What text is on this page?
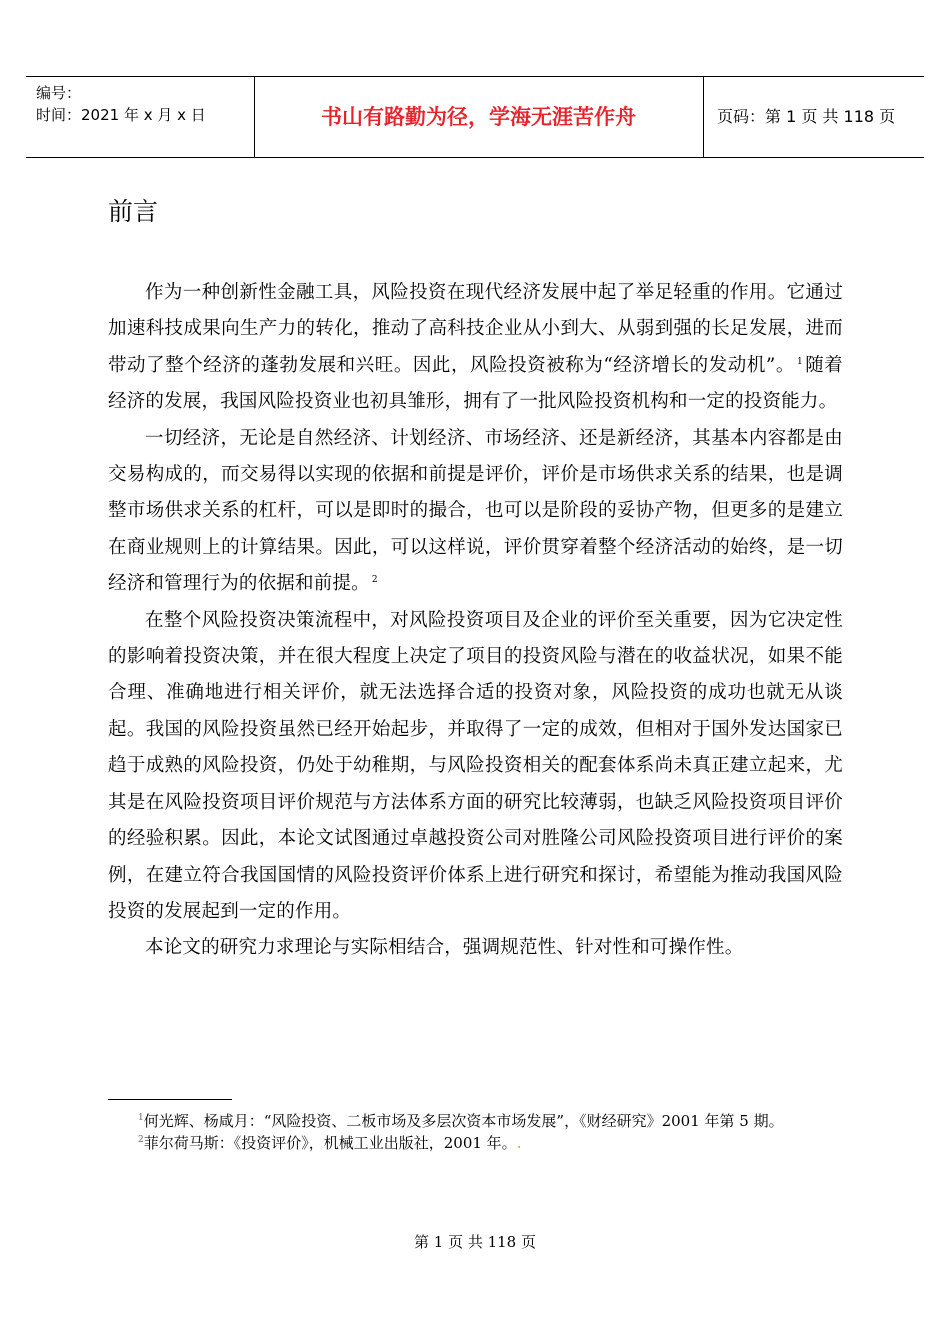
编号：
时间：2021 年 x 月 x 日	书山有路勤为径，学海无涯苦作舟	页码：第 1 页 共 118 页
前言

作为一种创新性金融工具，风险投资在现代经济发展中起了举足轻重的作用。它通过加速科技成果向生产力的转化，推动了高科技企业从小到大、从弱到强的长足发展，进而带动了整个经济的蓬勃发展和兴旺。因此，风险投资被称为“经济增长的发动机”。 $^1$ 随着经济的发展，我国风险投资业也初具雏形，拥有了一批风险投资机构和一定的投资能力。

一切经济，无论是自然经济、计划经济、市场经济、还是新经济，其基本内容都是由交易构成的，而交易得以实现的依据和前提是评价，评价是市场供求关系的结果，也是调整市场供求关系的杠杆，可以是即时的撮合，也可以是阶段的妥协产物，但更多的是建立在商业规则上的计算结果。因此，可以这样说，评价贯穿着整个经济活动的始终，是一切经济和管理行为的依据和前提。 $^2$

在整个风险投资决策流程中，对风险投资项目及企业的评价至关重要，因为它决定性的影响着投资决策，并在很大程度上决定了项目的投资风险与潜在的收益状况，如果不能合理、准确地进行相关评价，就无法选择合适的投资对象，风险投资的成功也就无从谈起。我国的风险投资虽然已经开始起步，并取得了一定的成效，但相对于国外发达国家已趋于成熟的风险投资，仍处于幼稚期，与风险投资相关的配套体系尚未真正建立起来，尤其是在风险投资项目评价规范与方法体系方面的研究比较薄弱，也缺乏风险投资项目评价的经验积累。因此，本论文试图通过卓越投资公司对胜隆公司风险投资项目进行评价的案例，在建立符合我国国情的风险投资评价体系上进行研究和探讨，希望能为推动我国风险投资的发展起到一定的作用。

本论文的研究力求理论与实际相结合，强调规范性、针对性和可操作性。

$^1$何光辉、杨咸月：“风险投资、二板市场及多层次资本市场发展”，《财经研究》2001 年第 5 期。

$^2$菲尔荷马斯：《投资评价》，机械工业出版社，2001 年。.

第 1 页 共 118 页
